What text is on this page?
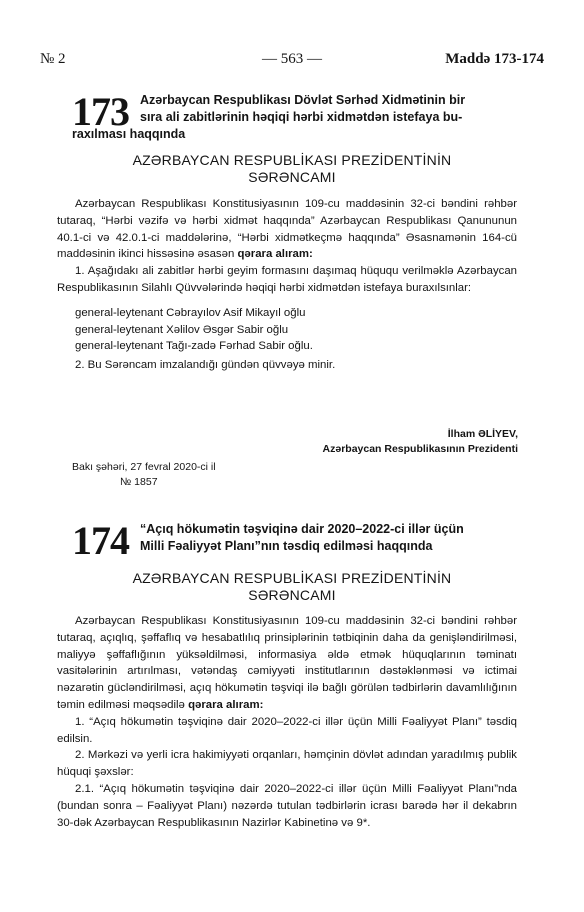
№ 2	— 563 —	Maddə 173-174
173 Azərbaycan Respublikası Dövlət Sərhəd Xidmətinin bir
sıra ali zabitlərinin həqiqi hərbi xidmətdən istefaya bu-
raxılması haqqında
AZƏRBAYCAN RESPUBLİKASI PREZİDENTİNİN
SƏRƏNCAMI

Azərbaycan Respublikası Konstitusiyasının 109-cu maddəsinin 32-ci bəndini rəhbər tutaraq, “Hərbi vəzifə və hərbi xidmət haqqında” Azərbaycan Respublikası Qanununun 40.1-ci və 42.0.1-ci maddələrinə, “Hərbi xidmətkeçmə haqqında” Əsasnamənin 164-cü maddəsinin ikinci hissəsinə əsasən qərara alıram:

1. Aşağıdakı ali zabitlər hərbi geyim formasını daşımaq hüququ verilməklə Azərbaycan Respublikasının Silahlı Qüvvələrində həqiqi hərbi xidmətdən istefaya buraxılsınlar:

general-leytenant Cəbrayılov Asif Mikayıl oğlu

general-leytenant Xəlilov Əsgər Sabir oğlu

general-leytenant Tağı-zadə Fərhad Sabir oğlu.

2. Bu Sərəncam imzalandığı gündən qüvvəyə minir.

İlham ƏLİYEV,
Azərbaycan Respublikasının Prezidenti
Bakı şəhəri, 27 fevral 2020-ci il
№ 1857
174 “Açıq hökumətin təşviqinə dair 2020–2022-ci illər üçün
Milli Fəaliyyət Planı”nın təsdiq edilməsi haqqında
AZƏRBAYCAN RESPUBLİKASI PREZİDENTİNİN
SƏRƏNCAMI

Azərbaycan Respublikası Konstitusiyasının 109-cu maddəsinin 32-ci bəndini rəhbər tutaraq, açıqlıq, şəffaflıq və hesabatlılıq prinsiplərinin tətbiqinin daha da genişləndirilməsi, maliyyə şəffaflığının yüksəldilməsi, informasiya əldə etmək hüquqlarının təminatı vasitələrinin artırılması, vətəndaş cəmiyyəti institutlarının dəstəklənməsi və ictimai nəzarətin gücləndirilməsi, açıq hökumətin təşviqi ilə bağlı görülən tədbirlərin davamlılığının təmin edilməsi məqsədilə qərara alıram:

1. “Açıq hökumətin təşviqinə dair 2020–2022-ci illər üçün Milli Fəaliyyət Planı” təsdiq edilsin.

2. Mərkəzi və yerli icra hakimiyyəti orqanları, həmçinin dövlət adından yaradılmış publik hüquqi şəxslər:

2.1. “Açıq hökumətin təşviqinə dair 2020–2022-ci illər üçün Milli Fəaliyyət Planı”nda (bundan sonra – Fəaliyyət Planı) nəzərdə tutulan tədbirlərin icrası barədə hər il dekabrın 30-dək Azərbaycan Respublikasının Nazirlər Kabinetinə və 9*.
